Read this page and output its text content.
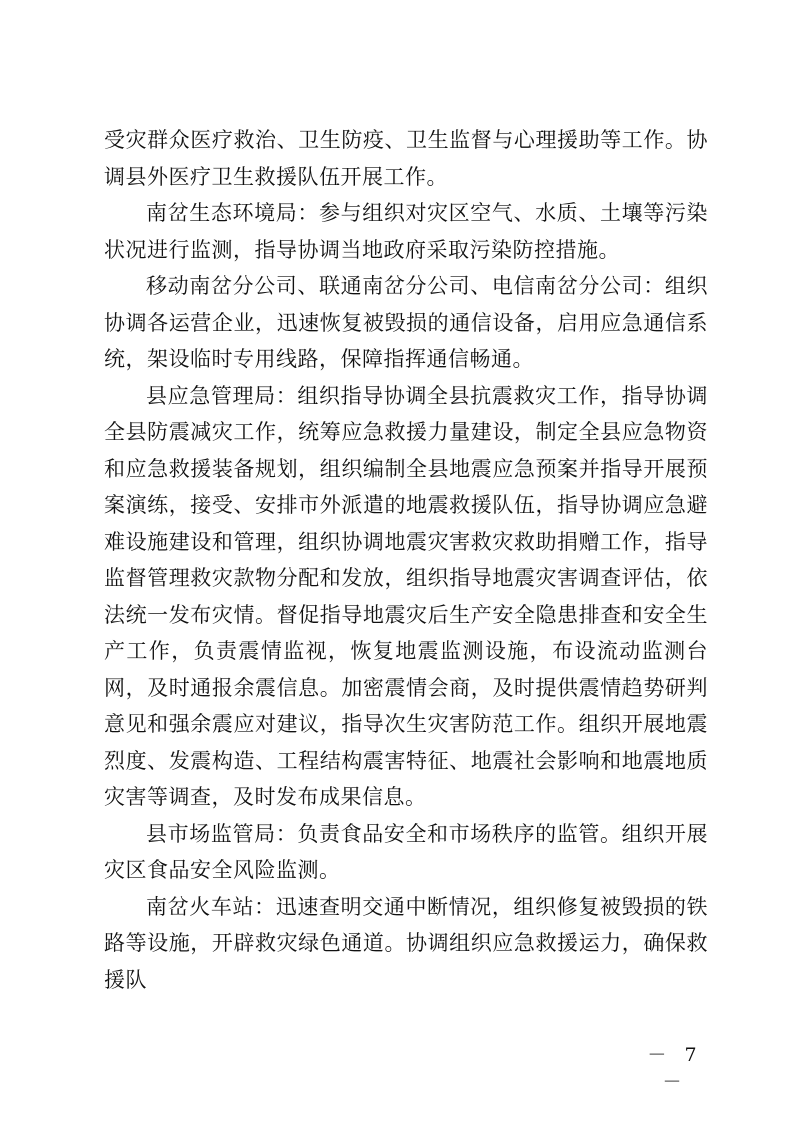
受灾群众医疗救治、卫生防疫、卫生监督与心理援助等工作。协调县外医疗卫生救援队伍开展工作。

南岔生态环境局：参与组织对灾区空气、水质、土壤等污染状况进行监测，指导协调当地政府采取污染防控措施。

移动南岔分公司、联通南岔分公司、电信南岔分公司：组织协调各运营企业，迅速恢复被毁损的通信设备，启用应急通信系统，架设临时专用线路，保障指挥通信畅通。

县应急管理局：组织指导协调全县抗震救灾工作，指导协调全县防震减灾工作，统筹应急救援力量建设，制定全县应急物资和应急救援装备规划，组织编制全县地震应急预案并指导开展预案演练，接受、安排市外派遣的地震救援队伍，指导协调应急避难设施建设和管理，组织协调地震灾害救灾救助捐赠工作，指导监督管理救灾款物分配和发放，组织指导地震灾害调查评估，依法统一发布灾情。督促指导地震灾后生产安全隐患排查和安全生产工作，负责震情监视，恢复地震监测设施，布设流动监测台网，及时通报余震信息。加密震情会商，及时提供震情趋势研判意见和强余震应对建议，指导次生灾害防范工作。组织开展地震烈度、发震构造、工程结构震害特征、地震社会影响和地震地质灾害等调查，及时发布成果信息。

县市场监管局：负责食品安全和市场秩序的监管。组织开展灾区食品安全风险监测。

南岔火车站：迅速查明交通中断情况，组织修复被毁损的铁路等设施，开辟救灾绿色通道。协调组织应急救援运力，确保救援队

－ 7 －
